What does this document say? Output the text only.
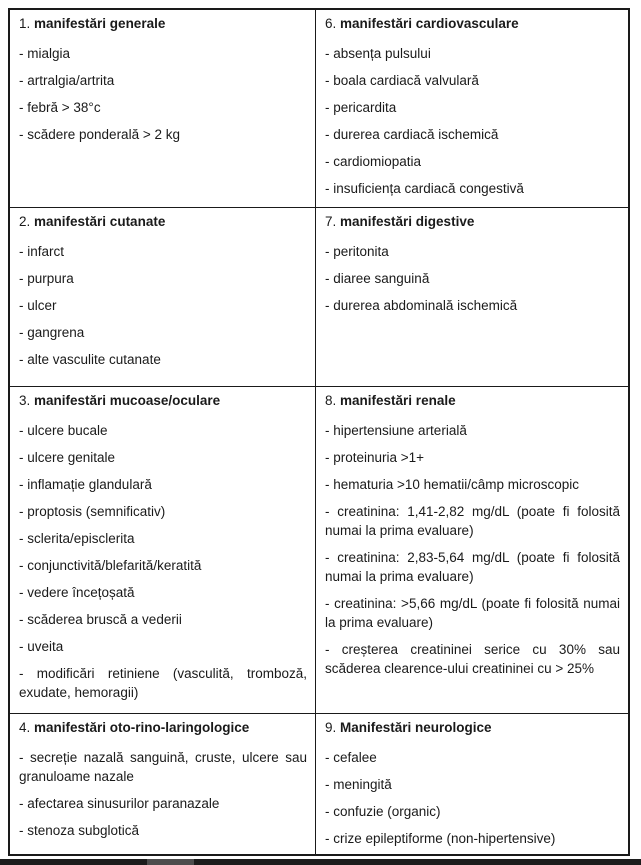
1. manifestări generale

- mialgia

- artralgia/artrita

- febră > 38°c

- scădere ponderală > 2 kg

6. manifestări cardiovasculare

- absența pulsului

- boala cardiacă valvulară

- pericardita

- durerea cardiacă ischemică

- cardiomiopatia

- insuficiența cardiacă congestivă

2. manifestări cutanate

- infarct

- purpura

- ulcer

- gangrena

- alte vasculite cutanate

7. manifestări digestive

- peritonita

- diaree sanguină

- durerea abdominală ischemică

3. manifestări mucoase/oculare

- ulcere bucale

- ulcere genitale

- inflamație glandulară

- proptosis (semnificativ)

- sclerita/episclerita

- conjunctivită/blefarită/keratită

- vedere încețoșată

- scăderea bruscă a vederii

- uveita

- modificări retiniene (vasculită, tromboză, exudate, hemoragii)

8. manifestări renale

- hipertensiune arterială

- proteinuria >1+

- hematuria >10 hematii/câmp microscopic

- creatinina: 1,41-2,82 mg/dL (poate fi folosită numai la prima evaluare)

- creatinina: 2,83-5,64 mg/dL (poate fi folosită numai la prima evaluare)

- creatinina: >5,66 mg/dL (poate fi folosită numai la prima evaluare)

- creșterea creatininei serice cu 30% sau scăderea clearence-ului creatininei cu > 25%

4. manifestări oto-rino-laringologice

- secreție nazală sanguină, cruste, ulcere sau granuloame nazale

- afectarea sinusurilor paranazale

- stenoza subglotică

9. Manifestări neurologice

- cefalee

- meningită

- confuzie (organic)

- crize epileptiforme (non-hipertensive)
